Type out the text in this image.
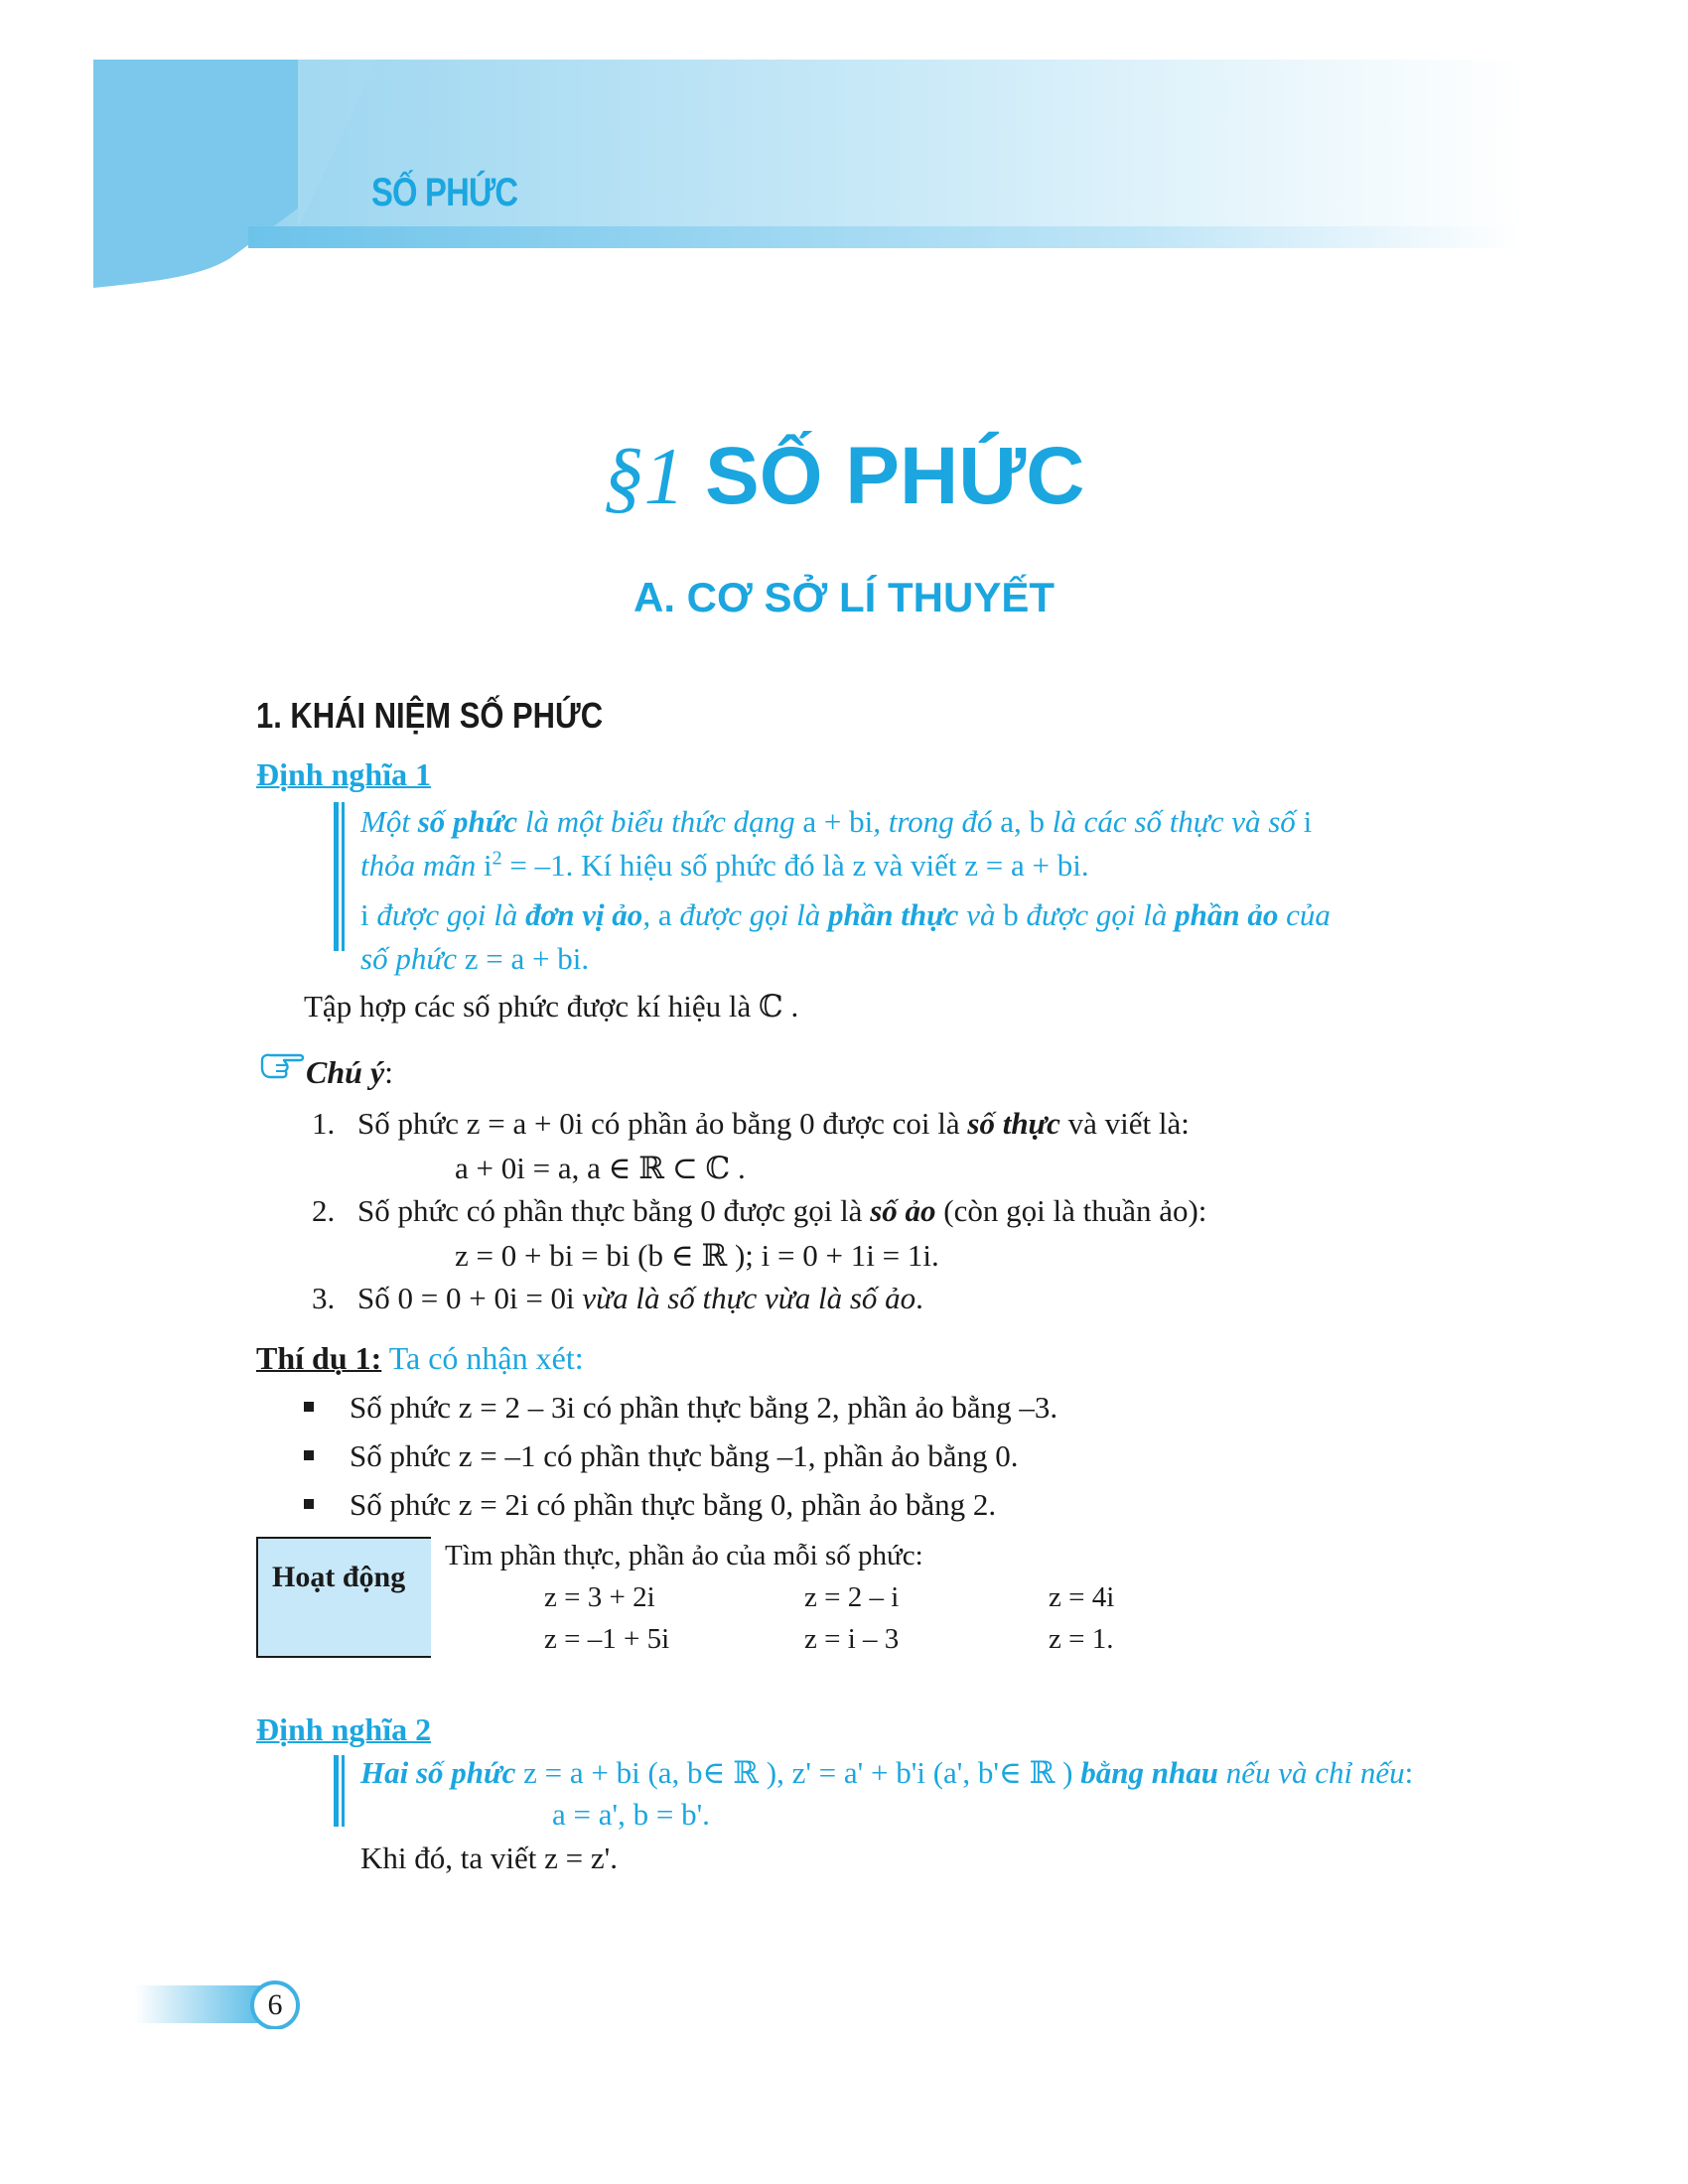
SỐ PHỨC
§1 SỐ PHỨC
A. CƠ SỞ LÍ THUYẾT
1. KHÁI NIỆM SỐ PHỨC
Định nghĩa 1
Một số phức là một biểu thức dạng a + bi, trong đó a, b là các số thực và số i
thỏa mãn $i^2 = -1$. Kí hiệu số phức đó là z và viết z = a + bi.
i được gọi là đơn vị ảo, a được gọi là phần thực và b được gọi là phần ảo của
số phức z = a + bi.
Tập hợp các số phức được kí hiệu là ℂ .
Chú ý:
1. Số phức z = a + 0i có phần ảo bằng 0 được coi là số thực và viết là:
a + 0i = a, a ∈ ℝ ⊂ ℂ .
2. Số phức có phần thực bằng 0 được gọi là số ảo (còn gọi là thuần ảo):
z = 0 + bi = bi (b ∈ ℝ ); i = 0 + 1i = 1i.
3. Số 0 = 0 + 0i = 0i vừa là số thực vừa là số ảo.
Thí dụ 1: Ta có nhận xét:
Số phức z = 2 – 3i có phần thực bằng 2, phần ảo bằng –3.
Số phức z = –1 có phần thực bằng –1, phần ảo bằng 0.
Số phức z = 2i có phần thực bằng 0, phần ảo bằng 2.
Hoạt động
Tìm phần thực, phần ảo của mỗi số phức:
z = 3 + 2i	z = 2 – i	z = 4i
z = –1 + 5i	z = i – 3	z = 1.
Định nghĩa 2
Hai số phức z = a + bi (a, b∈ ℝ ), z' = a' + b'i (a', b'∈ ℝ ) bằng nhau nếu và chỉ nếu:
a = a', b = b'.
Khi đó, ta viết z = z'.
6
